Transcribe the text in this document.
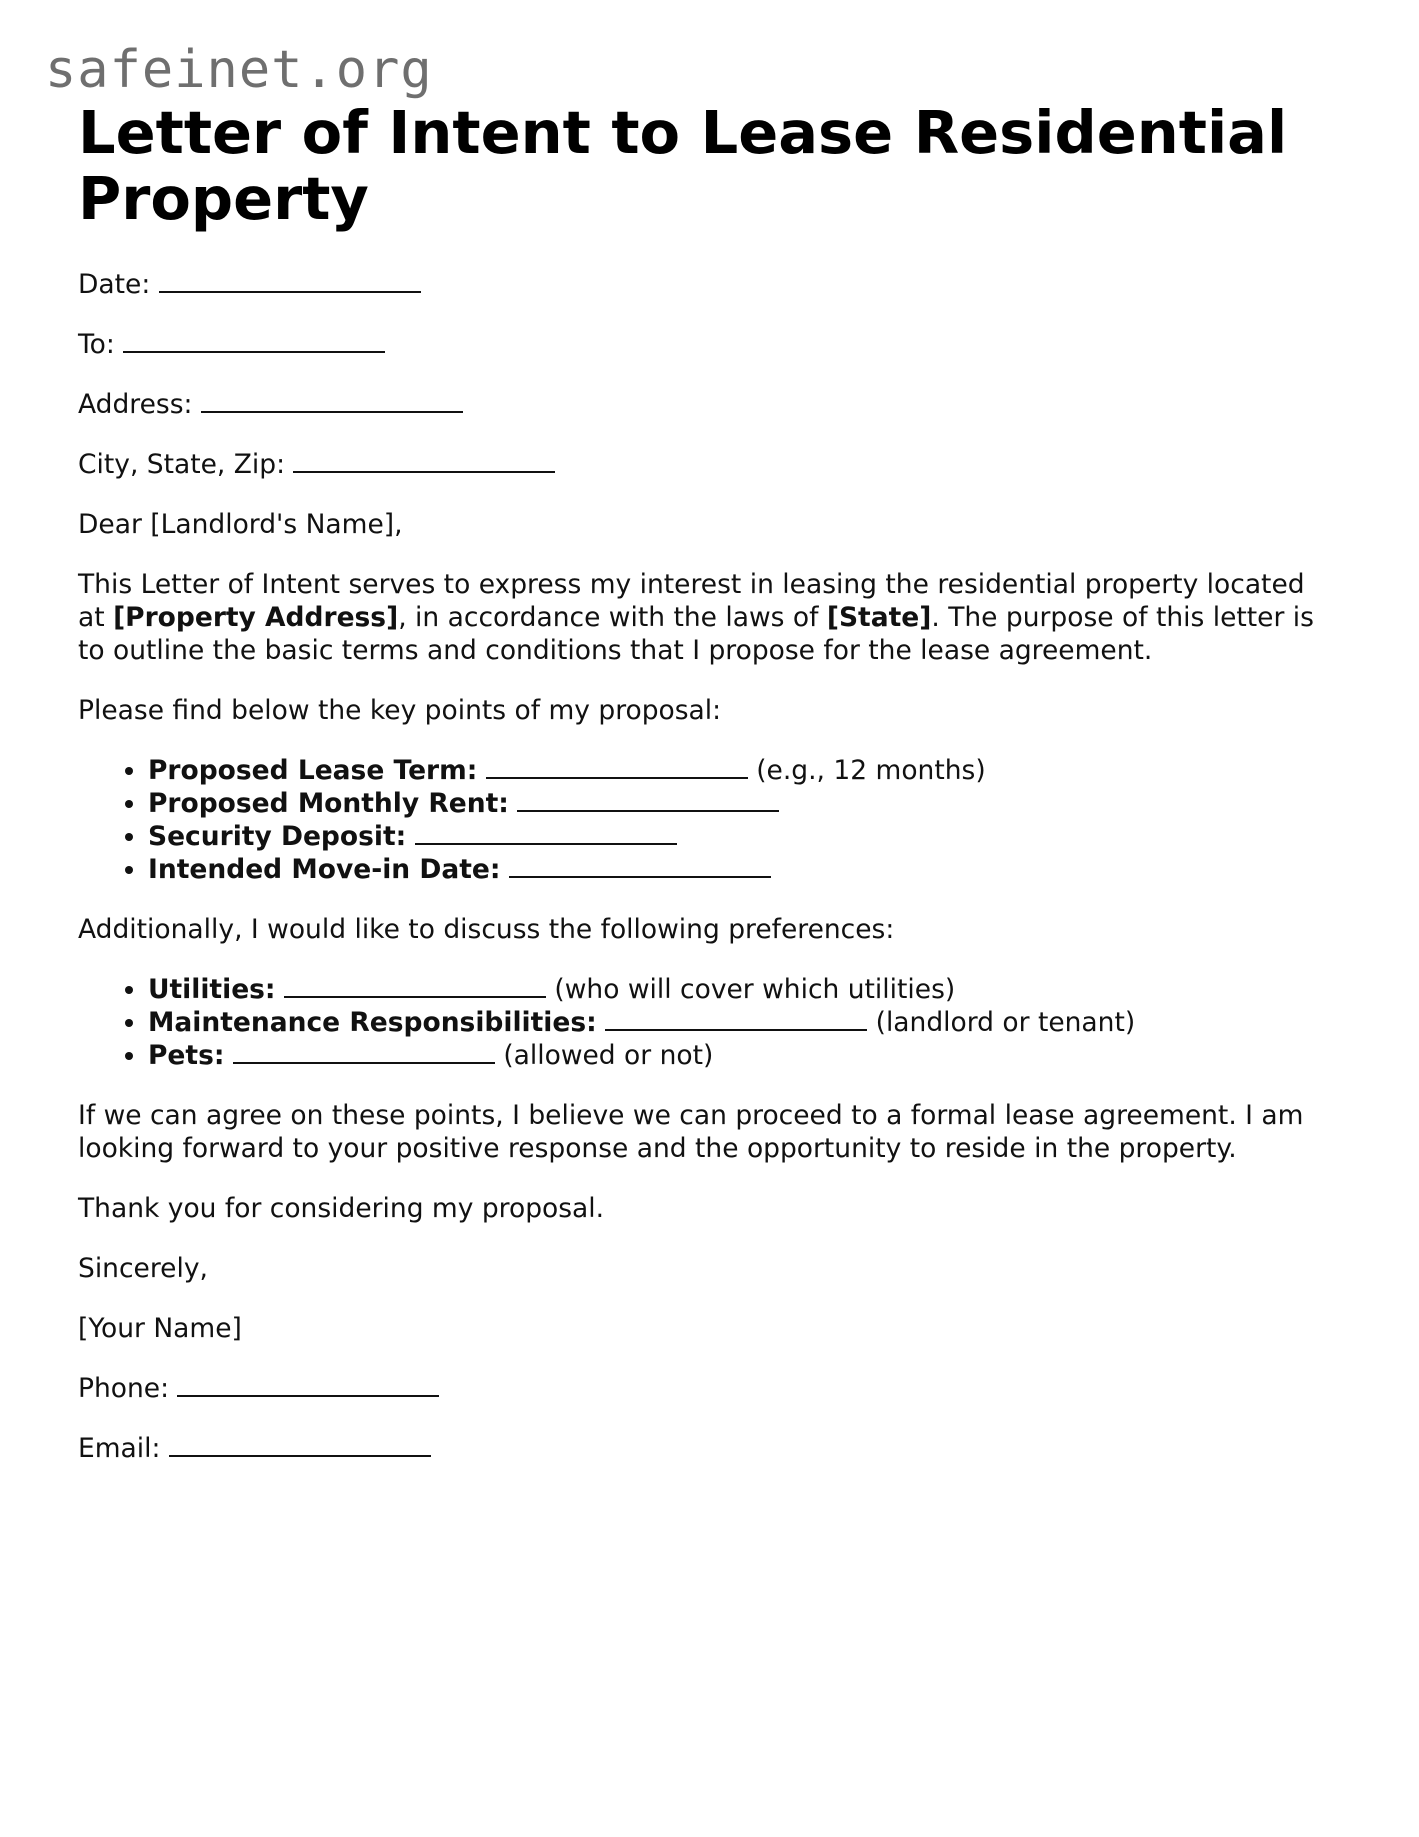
safeinet.org
Letter of Intent to Lease Residential Property

Date:

To:

Address:

City, State, Zip:

Dear [Landlord's Name],

This Letter of Intent serves to express my interest in leasing the residential property located at [Property Address], in accordance with the laws of [State]. The purpose of this letter is to outline the basic terms and conditions that I propose for the lease agreement.

Please find below the key points of my proposal:

• Proposed Lease Term:	(e.g., 12 months)
• Proposed Monthly Rent:
• Security Deposit:
• Intended Move-in Date:

Additionally, I would like to discuss the following preferences:

• Utilities:	(who will cover which utilities)
• Maintenance Responsibilities:	(landlord or tenant)
• Pets:	(allowed or not)

If we can agree on these points, I believe we can proceed to a formal lease agreement. I am looking forward to your positive response and the opportunity to reside in the property.

Thank you for considering my proposal.

Sincerely,

[Your Name]

Phone:

Email:
